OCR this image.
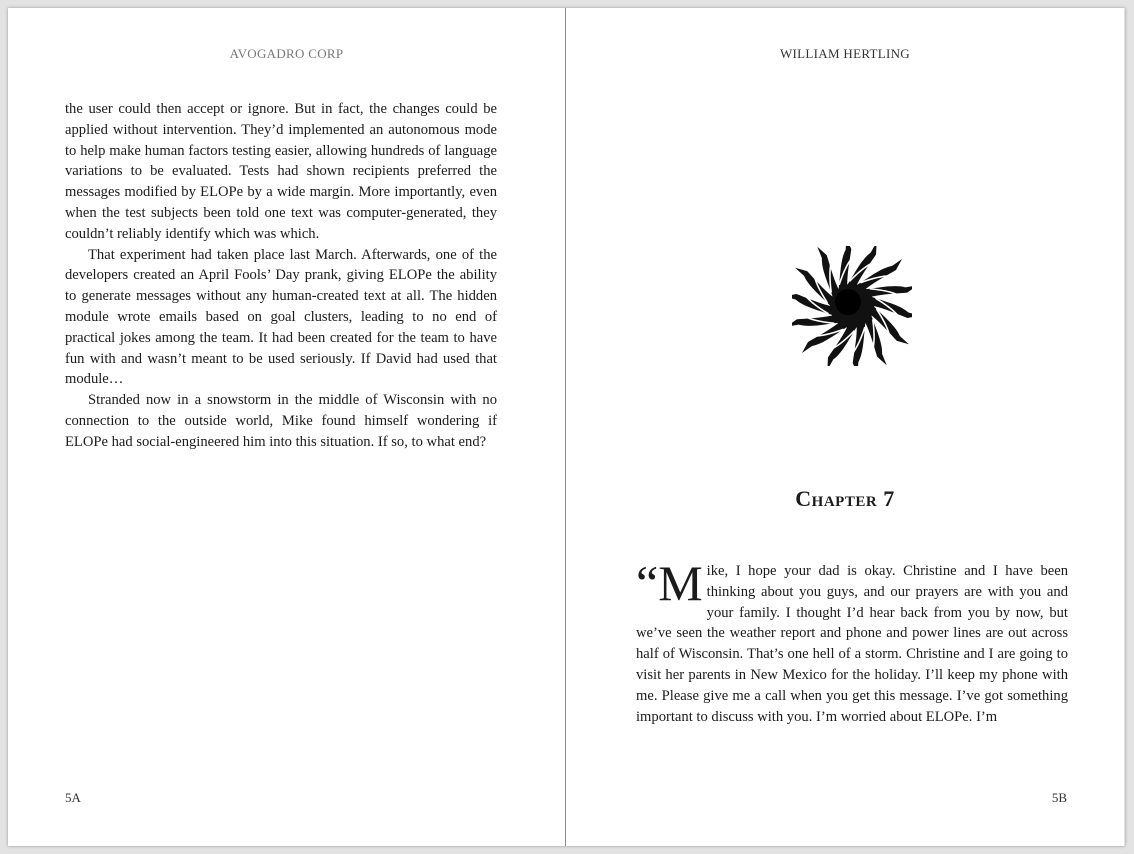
AVOGADRO CORP

the user could then accept or ignore. But in fact, the changes could be applied without intervention. They’d implemented an autonomous mode to help make human factors testing easier, allowing hundreds of language variations to be evaluated. Tests had shown recipients preferred the messages modified by ELOPe by a wide margin. More importantly, even when the test subjects been told one text was computer-generated, they couldn’t reliably identify which was which.

That experiment had taken place last March. Afterwards, one of the developers created an April Fools’ Day prank, giving ELOPe the ability to generate messages without any human-created text at all. The hidden module wrote emails based on goal clusters, leading to no end of practical jokes among the team. It had been created for the team to have fun with and wasn’t meant to be used seriously. If David had used that module…

Stranded now in a snowstorm in the middle of Wisconsin with no connection to the outside world, Mike found himself wondering if ELOPe had social-engineered him into this situation. If so, to what end?

5A
WILLIAM HERTLING
Chapter 7

“Mike, I hope your dad is okay. Christine and I have been thinking about you guys, and our prayers are with you and your family. I thought I’d hear back from you by now, but we’ve seen the weather report and phone and power lines are out across half of Wisconsin. That’s one hell of a storm. Christine and I are going to visit her parents in New Mexico for the holiday. I’ll keep my phone with me. Please give me a call when you get this message. I’ve got something important to discuss with you. I’m worried about ELOPe. I’m

5B
